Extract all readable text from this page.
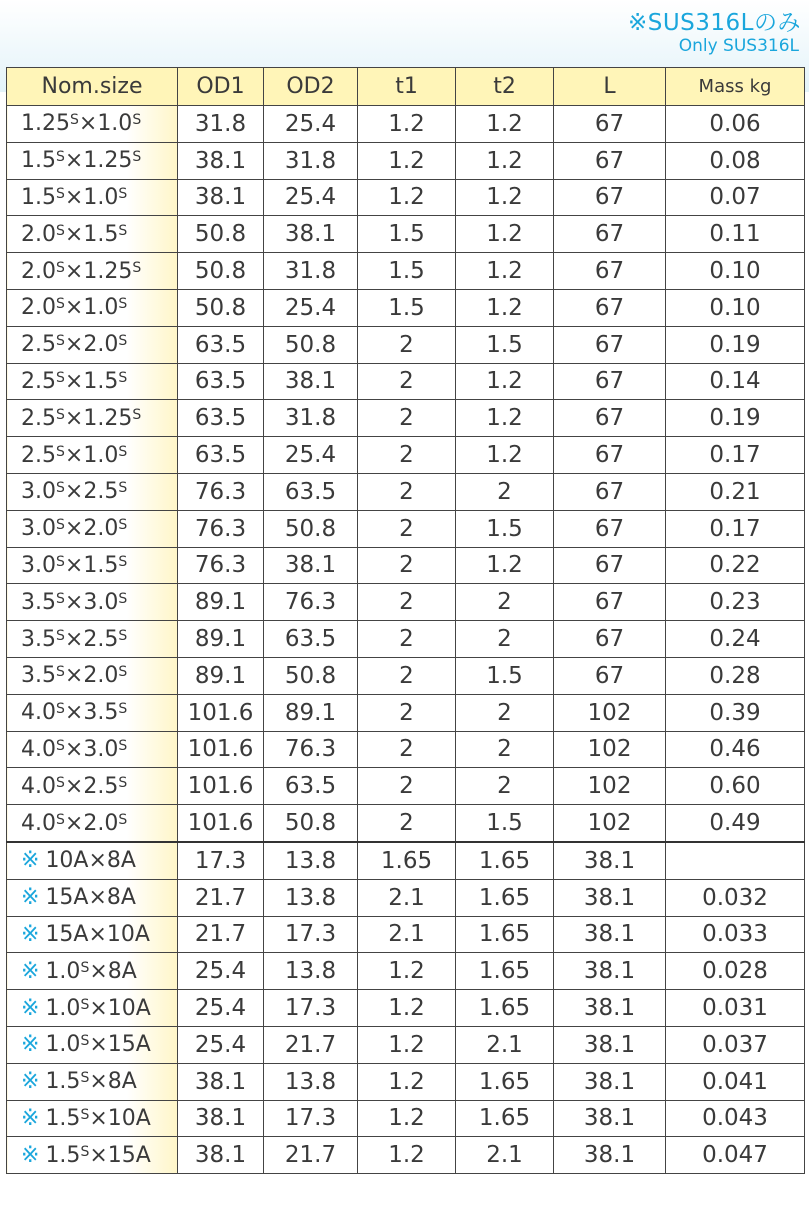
※SUS316Lのみ
Only SUS316L
Nom.size	OD1	OD2	t1	t2	L	Mass kg
$1.25^S\times 1.0^S$	31.8	25.4	1.2	1.2	67	0.06
$1.5^S\times 1.25^S$	38.1	31.8	1.2	1.2	67	0.08
$1.5^S\times 1.0^S$	38.1	25.4	1.2	1.2	67	0.07
$2.0^S\times 1.5^S$	50.8	38.1	1.5	1.2	67	0.11
$2.0^S\times 1.25^S$	50.8	31.8	1.5	1.2	67	0.10
$2.0^S\times 1.0^S$	50.8	25.4	1.5	1.2	67	0.10
$2.5^S\times 2.0^S$	63.5	50.8	2	1.5	67	0.19
$2.5^S\times 1.5^S$	63.5	38.1	2	1.2	67	0.14
$2.5^S\times 1.25^S$	63.5	31.8	2	1.2	67	0.19
$2.5^S\times 1.0^S$	63.5	25.4	2	1.2	67	0.17
$3.0^S\times 2.5^S$	76.3	63.5	2	2	67	0.21
$3.0^S\times 2.0^S$	76.3	50.8	2	1.5	67	0.17
$3.0^S\times 1.5^S$	76.3	38.1	2	1.2	67	0.22
$3.5^S\times 3.0^S$	89.1	76.3	2	2	67	0.23
$3.5^S\times 2.5^S$	89.1	63.5	2	2	67	0.24
$3.5^S\times 2.0^S$	89.1	50.8	2	1.5	67	0.28
$4.0^S\times 3.5^S$	101.6	89.1	2	2	102	0.39
$4.0^S\times 3.0^S$	101.6	76.3	2	2	102	0.46
$4.0^S\times 2.5^S$	101.6	63.5	2	2	102	0.60
$4.0^S\times 2.0^S$	101.6	50.8	2	1.5	102	0.49
※ 10A×8A	17.3	13.8	1.65	1.65	38.1	
※ 15A×8A	21.7	13.8	2.1	1.65	38.1	0.032
※ 15A×10A	21.7	17.3	2.1	1.65	38.1	0.033
※ $1.0^S\times 8A$	25.4	13.8	1.2	1.65	38.1	0.028
※ $1.0^S\times 10A$	25.4	17.3	1.2	1.65	38.1	0.031
※ $1.0^S\times 15A$	25.4	21.7	1.2	2.1	38.1	0.037
※ $1.5^S\times 8A$	38.1	13.8	1.2	1.65	38.1	0.041
※ $1.5^S\times 10A$	38.1	17.3	1.2	1.65	38.1	0.043
※ $1.5^S\times 15A$	38.1	21.7	1.2	2.1	38.1	0.047
